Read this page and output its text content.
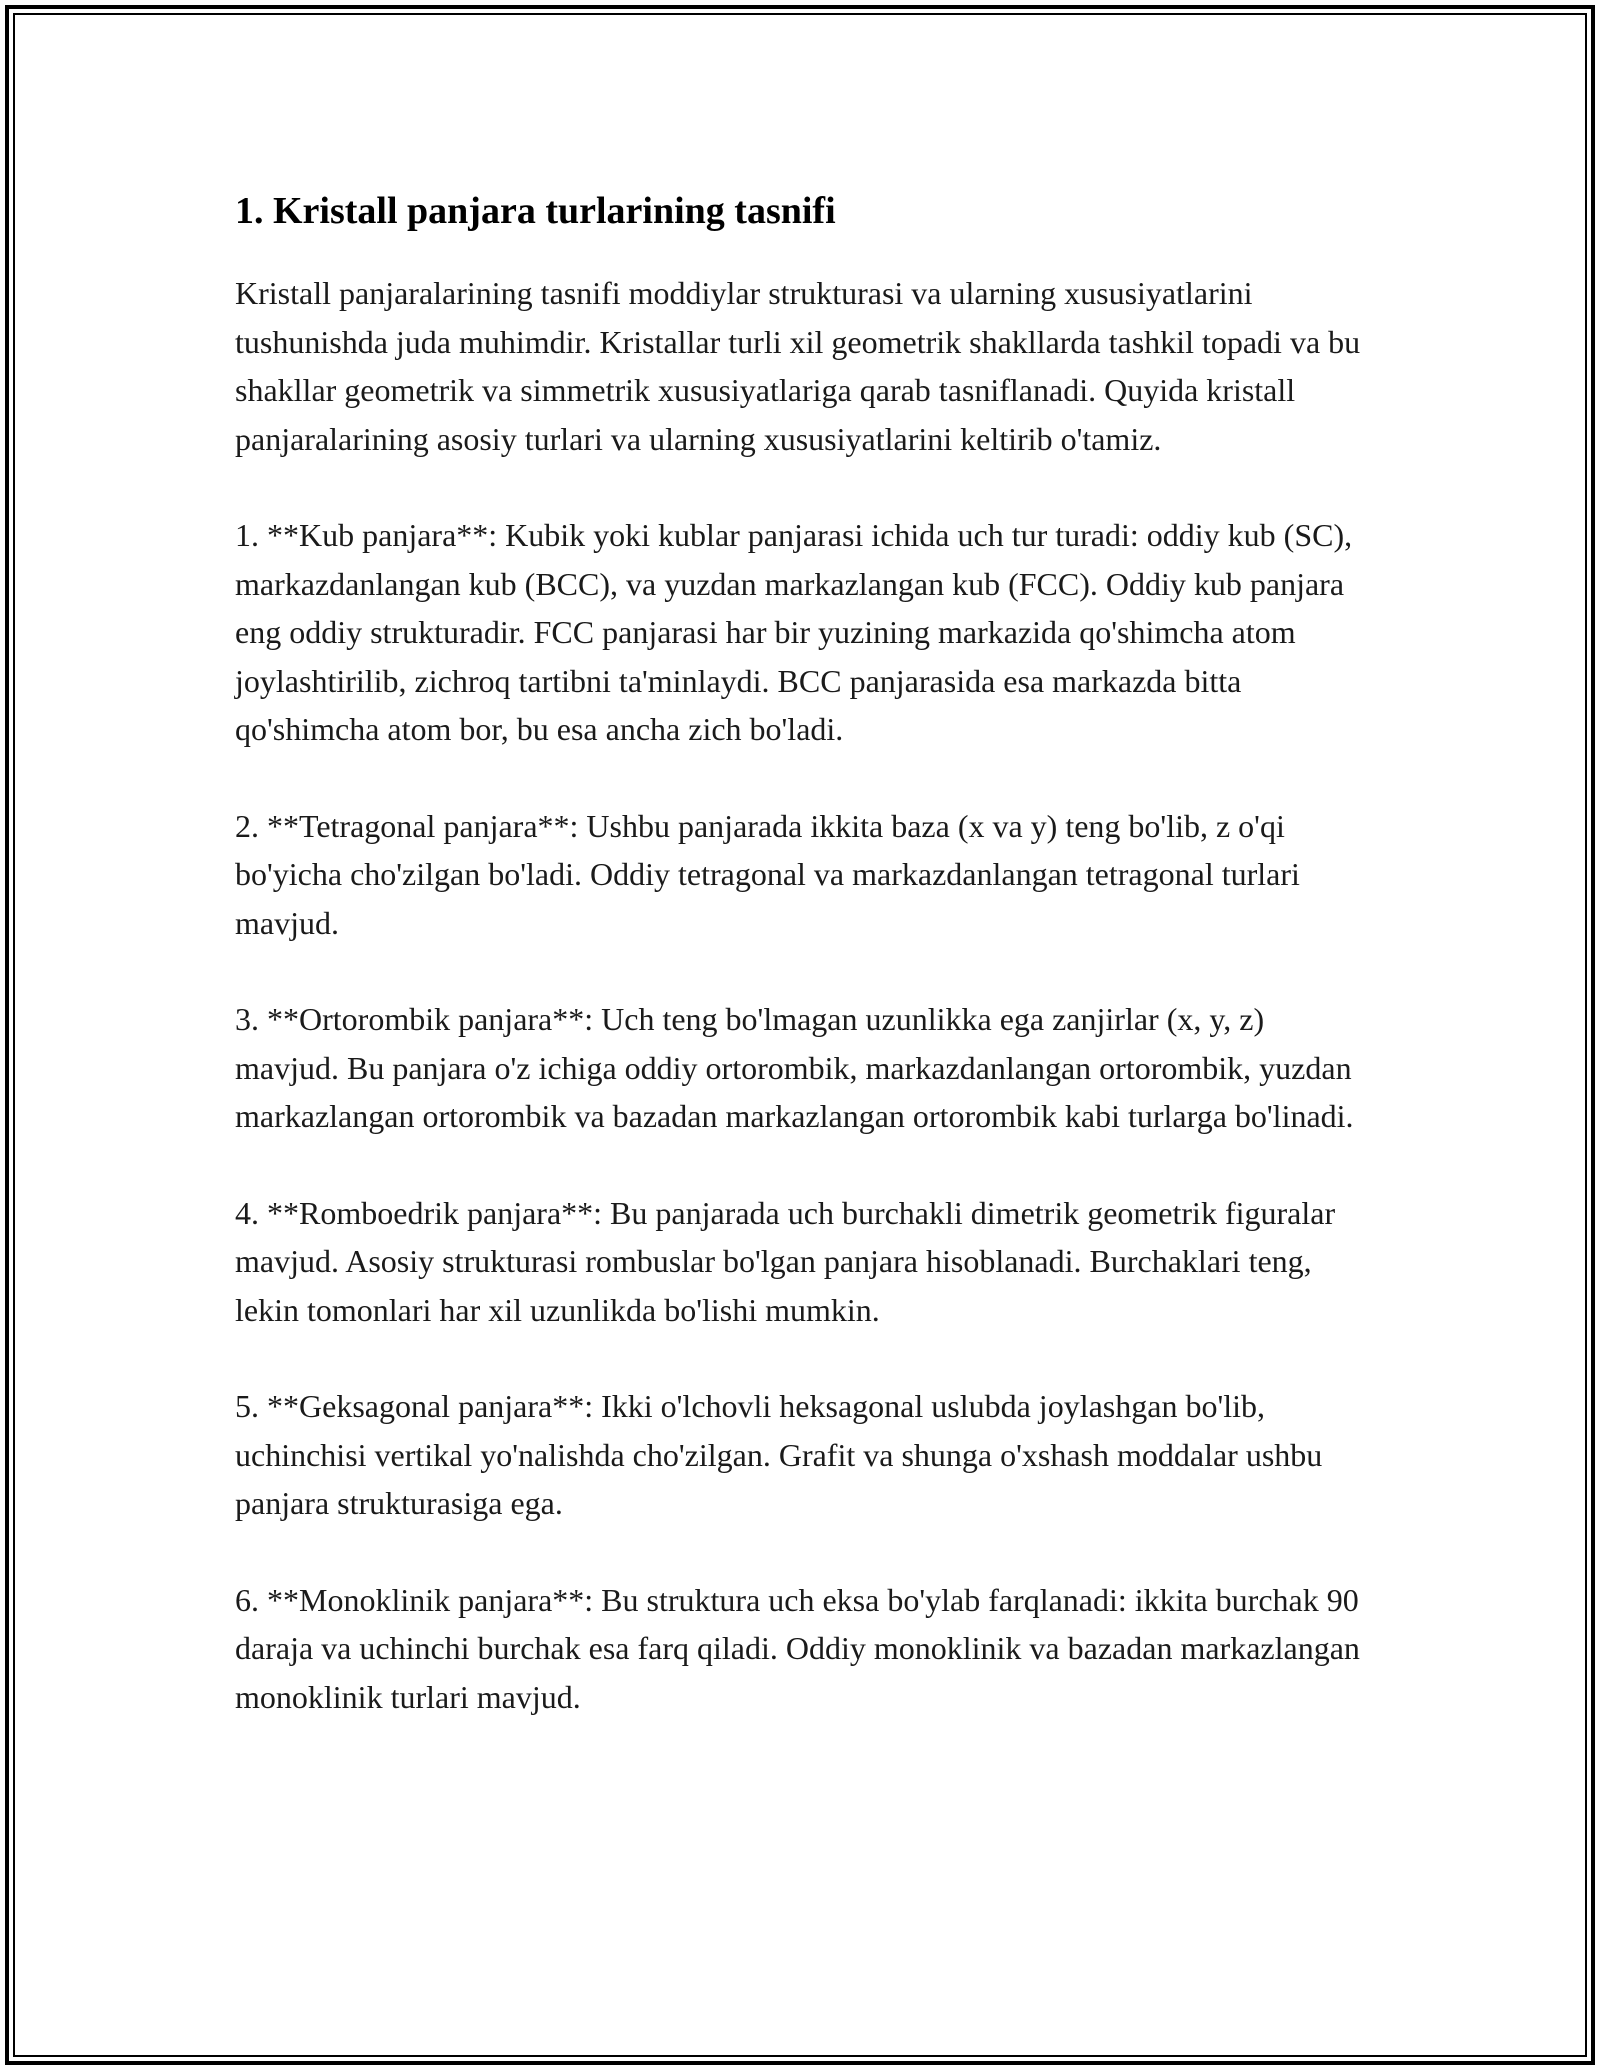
1. Kristall panjara turlarining tasnifi

Kristall panjaralarining tasnifi moddiylar strukturasi va ularning xususiyatlarini tushunishda juda muhimdir. Kristallar turli xil geometrik shakllarda tashkil topadi va bu shakllar geometrik va simmetrik xususiyatlariga qarab tasniflanadi. Quyida kristall panjaralarining asosiy turlari va ularning xususiyatlarini keltirib o'tamiz.

1. **Kub panjara**: Kubik yoki kublar panjarasi ichida uch tur turadi: oddiy kub (SC), markazdanlangan kub (BCC), va yuzdan markazlangan kub (FCC). Oddiy kub panjara eng oddiy strukturadir. FCC panjarasi har bir yuzining markazida qo'shimcha atom joylashtirilib, zichroq tartibni ta'minlaydi. BCC panjarasida esa markazda bitta qo'shimcha atom bor, bu esa ancha zich bo'ladi.

2. **Tetragonal panjara**: Ushbu panjarada ikkita baza (x va y) teng bo'lib, z o'qi bo'yicha cho'zilgan bo'ladi. Oddiy tetragonal va markazdanlangan tetragonal turlari mavjud.

3. **Ortorombik panjara**: Uch teng bo'lmagan uzunlikka ega zanjirlar (x, y, z) mavjud. Bu panjara o'z ichiga oddiy ortorombik, markazdanlangan ortorombik, yuzdan markazlangan ortorombik va bazadan markazlangan ortorombik kabi turlarga bo'linadi.

4. **Romboedrik panjara**: Bu panjarada uch burchakli dimetrik geometrik figuralar mavjud. Asosiy strukturasi rombuslar bo'lgan panjara hisoblanadi. Burchaklari teng, lekin tomonlari har xil uzunlikda bo'lishi mumkin.

5. **Geksagonal panjara**: Ikki o'lchovli heksagonal uslubda joylashgan bo'lib, uchinchisi vertikal yo'nalishda cho'zilgan. Grafit va shunga o'xshash moddalar ushbu panjara strukturasiga ega.

6. **Monoklinik panjara**: Bu struktura uch eksa bo'ylab farqlanadi: ikkita burchak 90 daraja va uchinchi burchak esa farq qiladi. Oddiy monoklinik va bazadan markazlangan monoklinik turlari mavjud.
